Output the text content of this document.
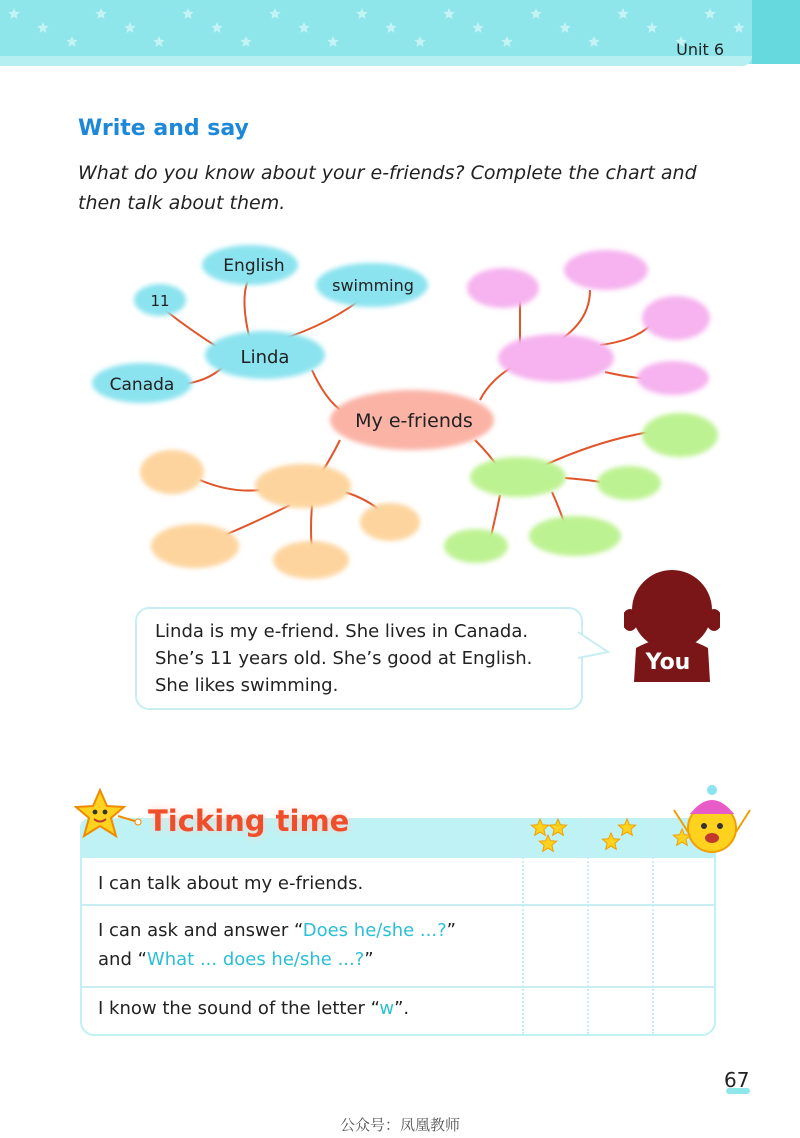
Unit 6
Write and say
What do you know about your e-friends? Complete the chart and then talk about them.
My e-friends
Linda
English
swimming
11
Canada
Linda is my e-friend. She lives in Canada.
She’s 11 years old. She’s good at English.
She likes swimming.
You
Ticking time
I can talk about my e-friends.
I can ask and answer “Does he/she ...?”
and “What ... does he/she ...?”
I know the sound of the letter “w”.
67
公众号：凤凰教师
